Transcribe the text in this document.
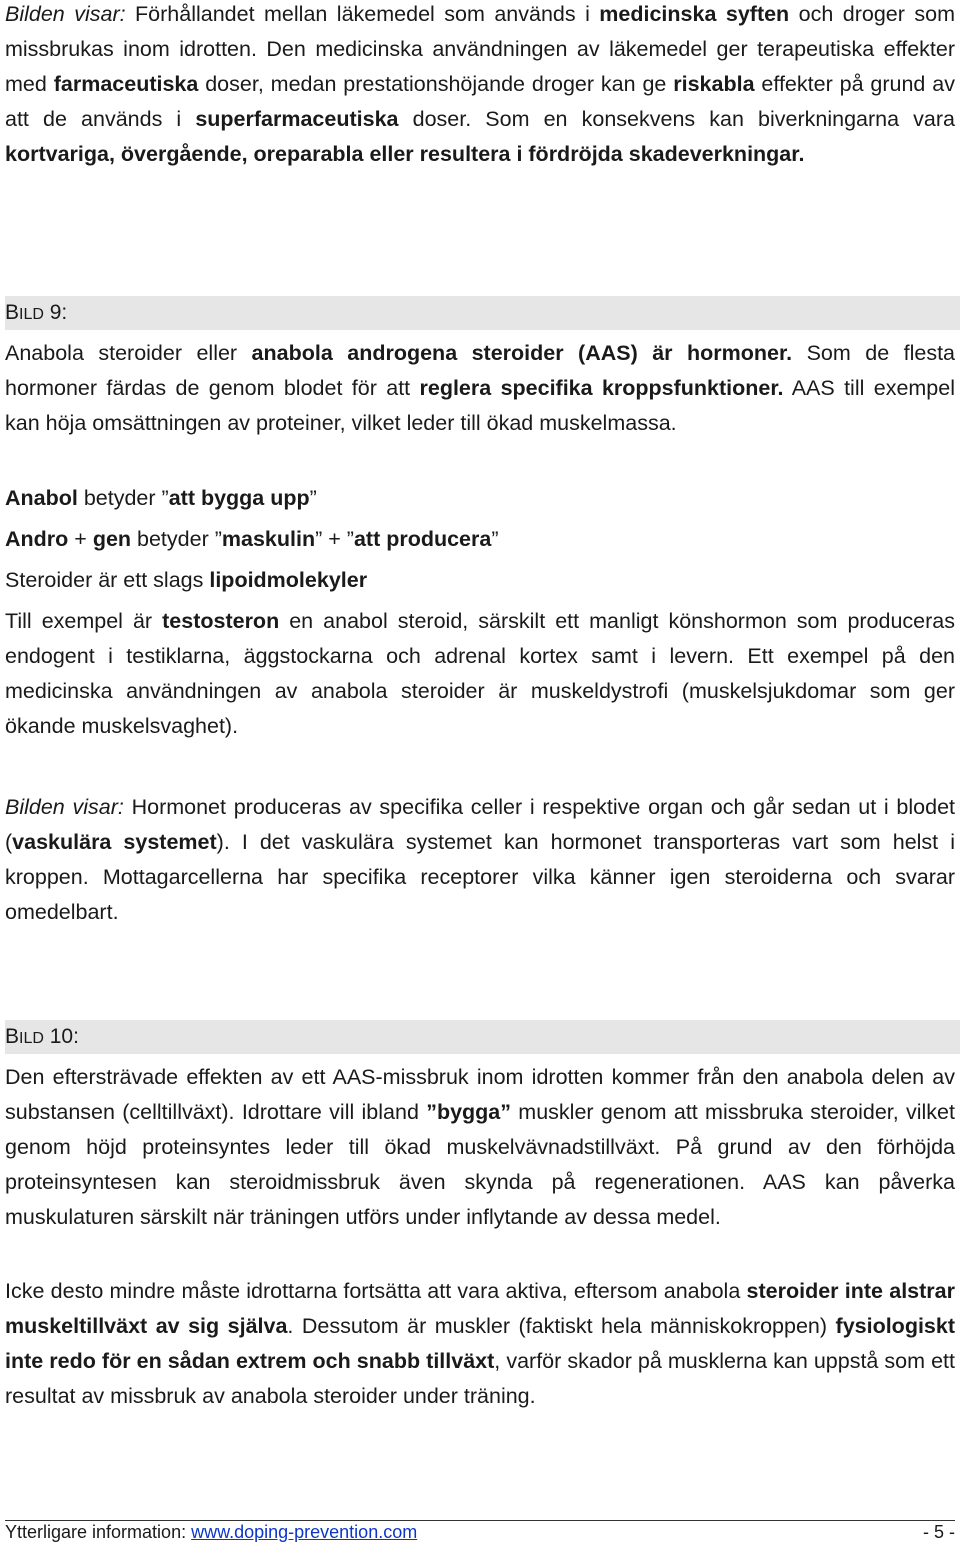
Bilden visar: Förhållandet mellan läkemedel som används i medicinska syften och droger som missbrukas inom idrotten. Den medicinska användningen av läkemedel ger terapeutiska effekter med farmaceutiska doser, medan prestationshöjande droger kan ge riskabla effekter på grund av att de används i superfarmaceutiska doser. Som en konsekvens kan biverkningarna vara kortvariga, övergående, oreparabla eller resultera i fördröjda skadeverkningar.

BILD 9:

Anabola steroider eller anabola androgena steroider (AAS) är hormoner. Som de flesta hormoner färdas de genom blodet för att reglera specifika kroppsfunktioner. AAS till exempel kan höja omsättningen av proteiner, vilket leder till ökad muskelmassa.

Anabol betyder ”att bygga upp”

Andro + gen betyder ”maskulin” + ”att producera”

Steroider är ett slags lipoidmolekyler

Till exempel är testosteron en anabol steroid, särskilt ett manligt könshormon som produceras endogent i testiklarna, äggstockarna och adrenal kortex samt i levern. Ett exempel på den medicinska användningen av anabola steroider är muskeldystrofi (muskelsjukdomar som ger ökande muskelsvaghet).

Bilden visar: Hormonet produceras av specifika celler i respektive organ och går sedan ut i blodet (vaskulära systemet). I det vaskulära systemet kan hormonet transporteras vart som helst i kroppen. Mottagarcellerna har specifika receptorer vilka känner igen steroiderna och svarar omedelbart.

BILD 10:

Den eftersträvade effekten av ett AAS-missbruk inom idrotten kommer från den anabola delen av substansen (celltillväxt). Idrottare vill ibland ”bygga” muskler genom att missbruka steroider, vilket genom höjd proteinsyntes leder till ökad muskelvävnadstillväxt. På grund av den förhöjda proteinsyntesen kan steroidmissbruk även skynda på regenerationen. AAS kan påverka muskulaturen särskilt när träningen utförs under inflytande av dessa medel.

Icke desto mindre måste idrottarna fortsätta att vara aktiva, eftersom anabola steroider inte alstrar muskeltillväxt av sig själva. Dessutom är muskler (faktiskt hela människokroppen) fysiologiskt inte redo för en sådan extrem och snabb tillväxt, varför skador på musklerna kan uppstå som ett resultat av missbruk av anabola steroider under träning.

Ytterligare information: www.doping-prevention.com	- 5 -
